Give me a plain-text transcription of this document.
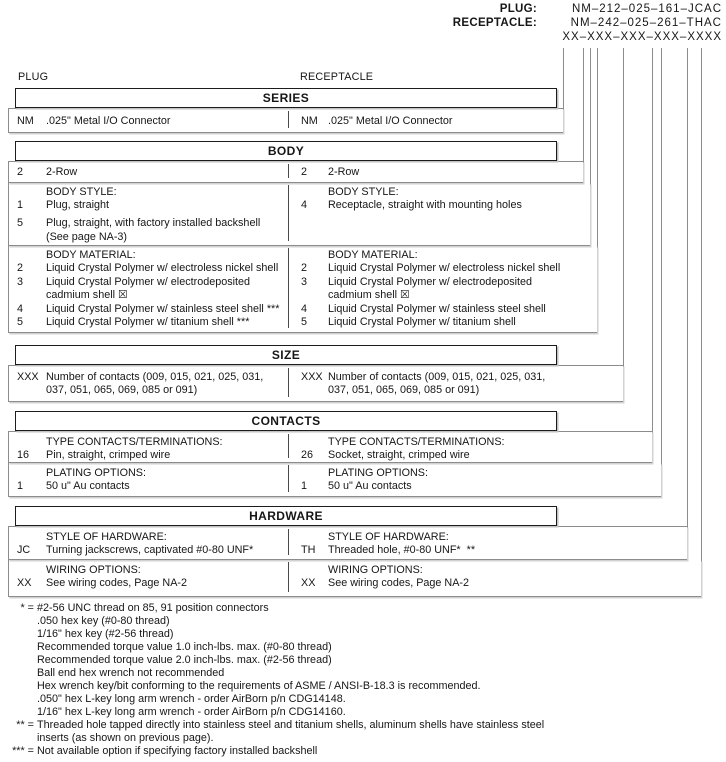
PLUG:	NM–212–025–161–JCAC
RECEPTACLE:	NM–242–025–261–THAC
XX–XXX–XXX–XXX–XXXX
PLUG	RECEPTACLE
SERIES
BODY
SIZE
CONTACTS
HARDWARE
NM	.025" Metal I/O Connector	NM .025" Metal I/O Connector
2	2-Row	2	2-Row
BODY STYLE:
1	Plug, straight
5	Plug, straight, with factory installed backshell
(See page NA-3)
BODY STYLE:
4	Receptacle, straight with mounting holes
BODY MATERIAL:
2	Liquid Crystal Polymer w/ electroless nickel shell
3	Liquid Crystal Polymer w/ electrodeposited
cadmium shell ☒
4	Liquid Crystal Polymer w/ stainless steel shell ***
5	Liquid Crystal Polymer w/ titanium shell ***
BODY MATERIAL:
2	Liquid Crystal Polymer w/ electroless nickel shell
3	Liquid Crystal Polymer w/ electrodeposited
cadmium shell ☒
4	Liquid Crystal Polymer w/ stainless steel shell
5	Liquid Crystal Polymer w/ titanium shell
XXX Number of contacts (009, 015, 021, 025, 031,
037, 051, 065, 069, 085 or 091)
XXX Number of contacts (009, 015, 021, 025, 031,
037, 051, 065, 069, 085 or 091)
TYPE CONTACTS/TERMINATIONS:
16	Pin, straight, crimped wire
TYPE CONTACTS/TERMINATIONS:
26	Socket, straight, crimped wire
PLATING OPTIONS:
1	50 u" Au contacts
PLATING OPTIONS:
1	50 u" Au contacts
STYLE OF HARDWARE:
JC	Turning jackscrews, captivated #0-80 UNF*
STYLE OF HARDWARE:
TH	Threaded hole, #0-80 UNF*  **
WIRING OPTIONS:
XX	See wiring codes, Page NA-2
WIRING OPTIONS:
XX	See wiring codes, Page NA-2
* = #2-56 UNC thread on 85, 91 position connectors
.050 hex key (#0-80 thread)
1/16" hex key (#2-56 thread)
Recommended torque value 1.0 inch-lbs. max. (#0-80 thread)
Recommended torque value 2.0 inch-lbs. max. (#2-56 thread)
Ball end hex wrench not recommended
Hex wrench key/bit conforming to the requirements of ASME / ANSI-B-18.3 is recommended.
.050" hex L-key long arm wrench - order AirBorn p/n CDG14148.
1/16" hex L-key long arm wrench - order AirBorn p/n CDG14160.
** = Threaded hole tapped directly into stainless steel and titanium shells, aluminum shells have stainless steel
inserts (as shown on previous page).
*** = Not available option if specifying factory installed backshell
